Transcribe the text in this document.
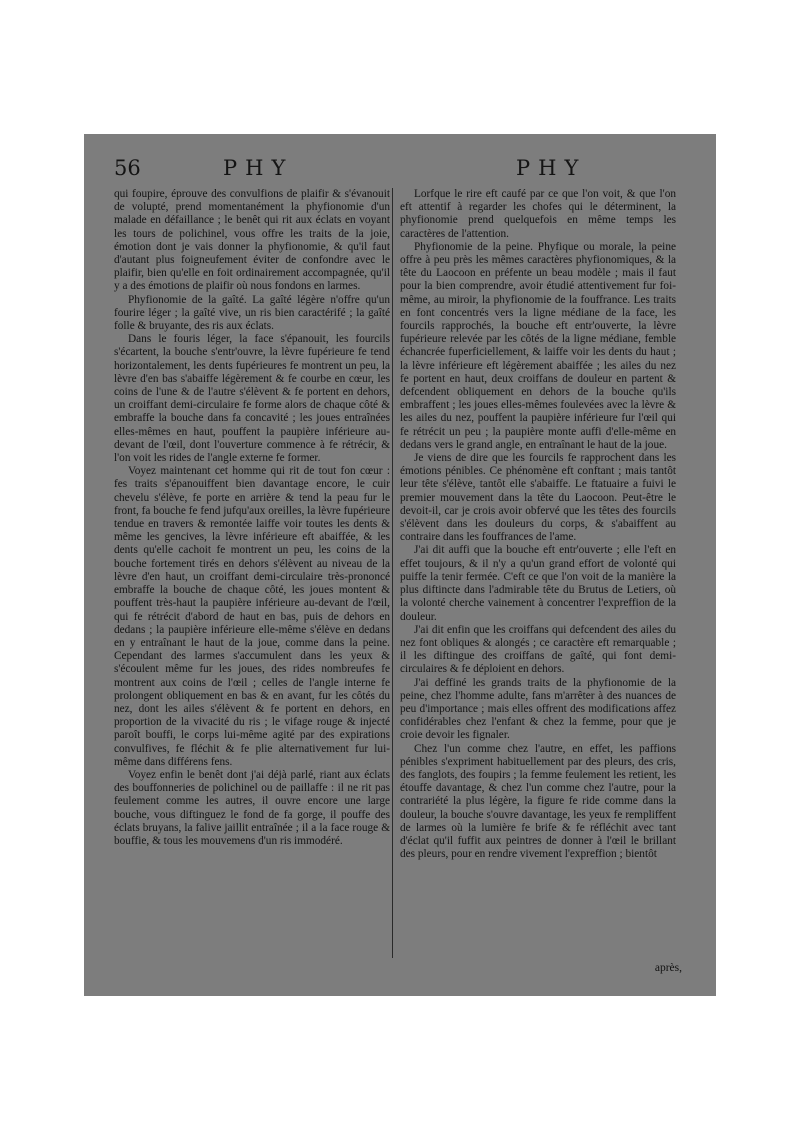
56	PHY	PHY

qui foupire, éprouve des convulfions de plaifir & s'évanouit de volupté, prend momentanément la phyfionomie d'un malade en défaillance ; le benêt qui rit aux éclats en voyant les tours de polichinel, vous offre les traits de la joie, émotion dont je vais donner la phyfionomie, & qu'il faut d'autant plus foigneufement éviter de confondre avec le plaifir, bien qu'elle en foit ordinairement accompagnée, qu'il y a des émotions de plaifir où nous fondons en larmes.

Phyfionomie de la gaîté. La gaîté légère n'offre qu'un fourire léger ; la gaîté vive, un ris bien caractérifé ; la gaîté folle & bruyante, des ris aux éclats.

Dans le fouris léger, la face s'épanouit, les fourcils s'écartent, la bouche s'entr'ouvre, la lèvre fupérieure fe tend horizontalement, les dents fupérieures fe montrent un peu, la lèvre d'en bas s'abaiffe légèrement & fe courbe en cœur, les coins de l'une & de l'autre s'élèvent & fe portent en dehors, un croiffant demi-circulaire fe forme alors de chaque côté & embraffe la bouche dans fa concavité ; les joues entraînées elles-mêmes en haut, pouffent la paupière inférieure au-devant de l'œil, dont l'ouverture commence à fe rétrécir, & l'on voit les rides de l'angle externe fe former.

Voyez maintenant cet homme qui rit de tout fon cœur : fes traits s'épanouiffent bien davantage encore, le cuir chevelu s'élève, fe porte en arrière & tend la peau fur le front, fa bouche fe fend jufqu'aux oreilles, la lèvre fupérieure tendue en travers & remontée laiffe voir toutes les dents & même les gencives, la lèvre inférieure eft abaiffée, & les dents qu'elle cachoit fe montrent un peu, les coins de la bouche fortement tirés en dehors s'élèvent au niveau de la lèvre d'en haut, un croiffant demi-circulaire très-prononcé embraffe la bouche de chaque côté, les joues montent & pouffent très-haut la paupière inférieure au-devant de l'œil, qui fe rétrécit d'abord de haut en bas, puis de dehors en dedans ; la paupière inférieure elle-même s'élève en dedans en y entraînant le haut de la joue, comme dans la peine. Cependant des larmes s'accumulent dans les yeux & s'écoulent même fur les joues, des rides nombreufes fe montrent aux coins de l'œil ; celles de l'angle interne fe prolongent obliquement en bas & en avant, fur les côtés du nez, dont les ailes s'élèvent & fe portent en dehors, en proportion de la vivacité du ris ; le vifage rouge & injecté paroît bouffi, le corps lui-même agité par des expirations convulfives, fe fléchit & fe plie alternativement fur lui-même dans différens fens.

Voyez enfin le benêt dont j'ai déjà parlé, riant aux éclats des bouffonneries de polichinel ou de paillaffe : il ne rit pas feulement comme les autres, il ouvre encore une large bouche, vous diftinguez le fond de fa gorge, il pouffe des éclats bruyans, la falive jaillit entraînée ; il a la face rouge & bouffie, & tous les mouvemens d'un ris immodéré.

Lorfque le rire eft caufé par ce que l'on voit, & que l'on eft attentif à regarder les chofes qui le déterminent, la phyfionomie prend quelquefois en même temps les caractères de l'attention.

Phyfionomie de la peine. Phyfique ou morale, la peine offre à peu près les mêmes caractères phyfionomiques, & la tête du Laocoon en préfente un beau modèle ; mais il faut pour la bien comprendre, avoir étudié attentivement fur foi-même, au miroir, la phyfionomie de la fouffrance. Les traits en font concentrés vers la ligne médiane de la face, les fourcils rapprochés, la bouche eft entr'ouverte, la lèvre fupérieure relevée par les côtés de la ligne médiane, femble échancrée fuperficiellement, & laiffe voir les dents du haut ; la lèvre inférieure eft légèrement abaiffée ; les ailes du nez fe portent en haut, deux croiffans de douleur en partent & defcendent obliquement en dehors de la bouche qu'ils embraffent ; les joues elles-mêmes foulevées avec la lèvre & les ailes du nez, pouffent la paupière inférieure fur l'œil qui fe rétrécit un peu ; la paupière monte auffi d'elle-même en dedans vers le grand angle, en entraînant le haut de la joue.

Je viens de dire que les fourcils fe rapprochent dans les émotions pénibles. Ce phénomène eft conftant ; mais tantôt leur tête s'élève, tantôt elle s'abaiffe. Le ftatuaire a fuivi le premier mouvement dans la tête du Laocoon. Peut-être le devoit-il, car je crois avoir obfervé que les têtes des fourcils s'élèvent dans les douleurs du corps, & s'abaiffent au contraire dans les fouffrances de l'ame.

J'ai dit auffi que la bouche eft entr'ouverte ; elle l'eft en effet toujours, & il n'y a qu'un grand effort de volonté qui puiffe la tenir fermée. C'eft ce que l'on voit de la manière la plus diftincte dans l'admirable tête du Brutus de Letiers, où la volonté cherche vainement à concentrer l'expreffion de la douleur.

J'ai dit enfin que les croiffans qui defcendent des ailes du nez font obliques & alongés ; ce caractère eft remarquable ; il les diftingue des croiffans de gaîté, qui font demi-circulaires & fe déploient en dehors.

J'ai deffiné les grands traits de la phyfionomie de la peine, chez l'homme adulte, fans m'arrêter à des nuances de peu d'importance ; mais elles offrent des modifications affez confidérables chez l'enfant & chez la femme, pour que je croie devoir les fignaler.

Chez l'un comme chez l'autre, en effet, les paffions pénibles s'expriment habituellement par des pleurs, des cris, des fanglots, des foupirs ; la femme feulement les retient, les étouffe davantage, & chez l'un comme chez l'autre, pour la contrariété la plus légère, la figure fe ride comme dans la douleur, la bouche s'ouvre davantage, les yeux fe rempliffent de larmes où la lumière fe brife & fe réfléchit avec tant d'éclat qu'il fuffit aux peintres de donner à l'œil le brillant des pleurs, pour en rendre vivement l'expreffion ; bientôt

après,
